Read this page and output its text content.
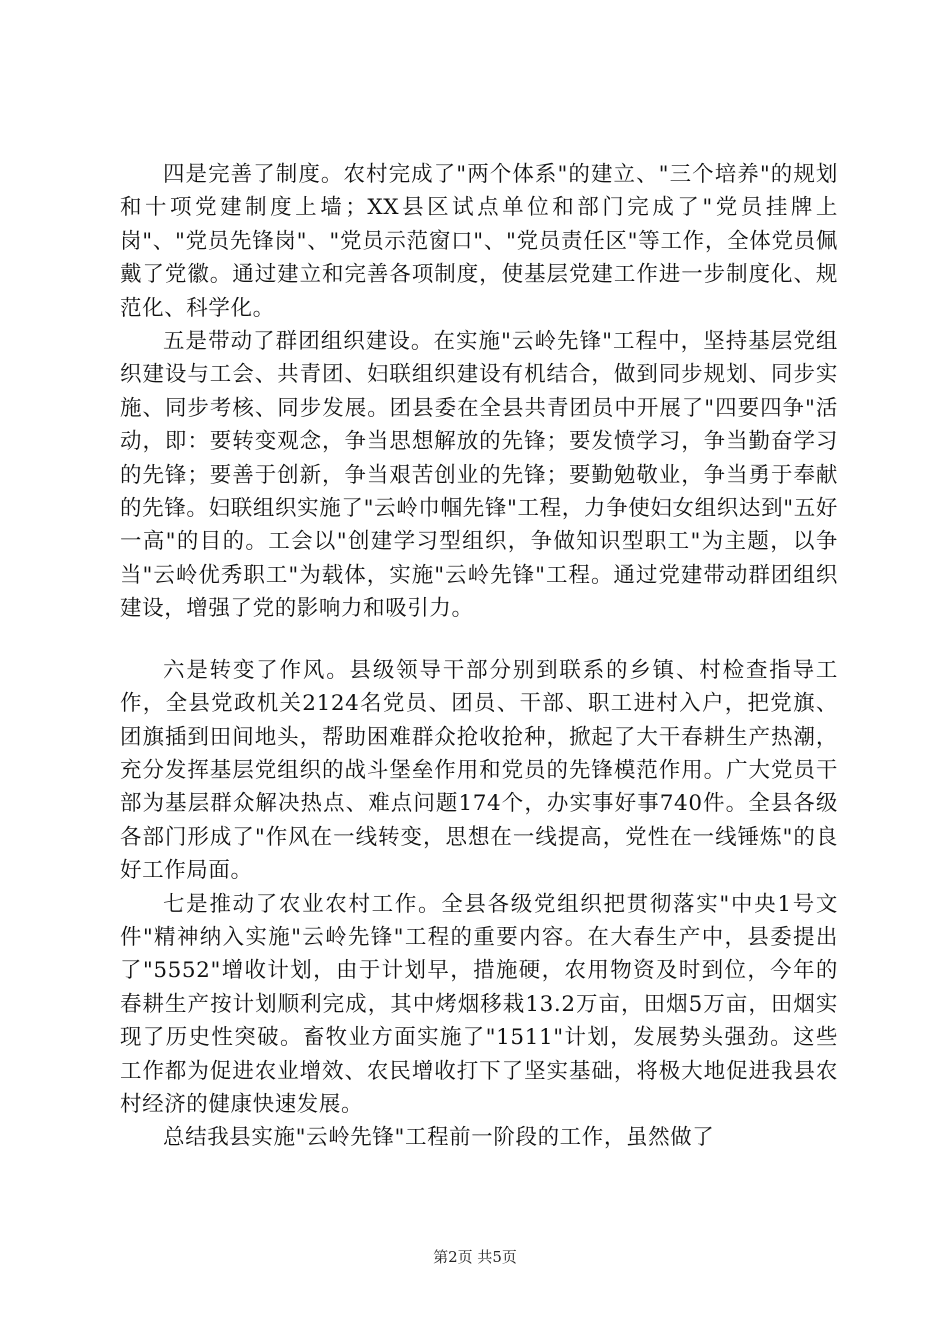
四是完善了制度。农村完成了"两个体系"的建立、"三个培养"的规划和十项党建制度上墙；XX县区试点单位和部门完成了"党员挂牌上岗"、"党员先锋岗"、"党员示范窗口"、"党员责任区"等工作，全体党员佩戴了党徽。通过建立和完善各项制度，使基层党建工作进一步制度化、规范化、科学化。

五是带动了群团组织建设。在实施"云岭先锋"工程中，坚持基层党组织建设与工会、共青团、妇联组织建设有机结合，做到同步规划、同步实施、同步考核、同步发展。团县委在全县共青团员中开展了"四要四争"活动，即：要转变观念，争当思想解放的先锋；要发愤学习，争当勤奋学习的先锋；要善于创新，争当艰苦创业的先锋；要勤勉敬业，争当勇于奉献的先锋。妇联组织实施了"云岭巾帼先锋"工程，力争使妇女组织达到"五好一高"的目的。工会以"创建学习型组织，争做知识型职工"为主题，以争当"云岭优秀职工"为载体，实施"云岭先锋"工程。通过党建带动群团组织建设，增强了党的影响力和吸引力。

六是转变了作风。县级领导干部分别到联系的乡镇、村检查指导工作，全县党政机关2124名党员、团员、干部、职工进村入户，把党旗、团旗插到田间地头，帮助困难群众抢收抢种，掀起了大干春耕生产热潮，充分发挥基层党组织的战斗堡垒作用和党员的先锋模范作用。广大党员干部为基层群众解决热点、难点问题174个，办实事好事740件。全县各级各部门形成了"作风在一线转变，思想在一线提高，党性在一线锤炼"的良好工作局面。

七是推动了农业农村工作。全县各级党组织把贯彻落实"中央1号文件"精神纳入实施"云岭先锋"工程的重要内容。在大春生产中，县委提出了"5552"增收计划，由于计划早，措施硬，农用物资及时到位，今年的春耕生产按计划顺利完成，其中烤烟移栽13.2万亩，田烟5万亩，田烟实现了历史性突破。畜牧业方面实施了"1511"计划，发展势头强劲。这些工作都为促进农业增效、农民增收打下了坚实基础，将极大地促进我县农村经济的健康快速发展。

总结我县实施"云岭先锋"工程前一阶段的工作，虽然做了

第2页 共5页
